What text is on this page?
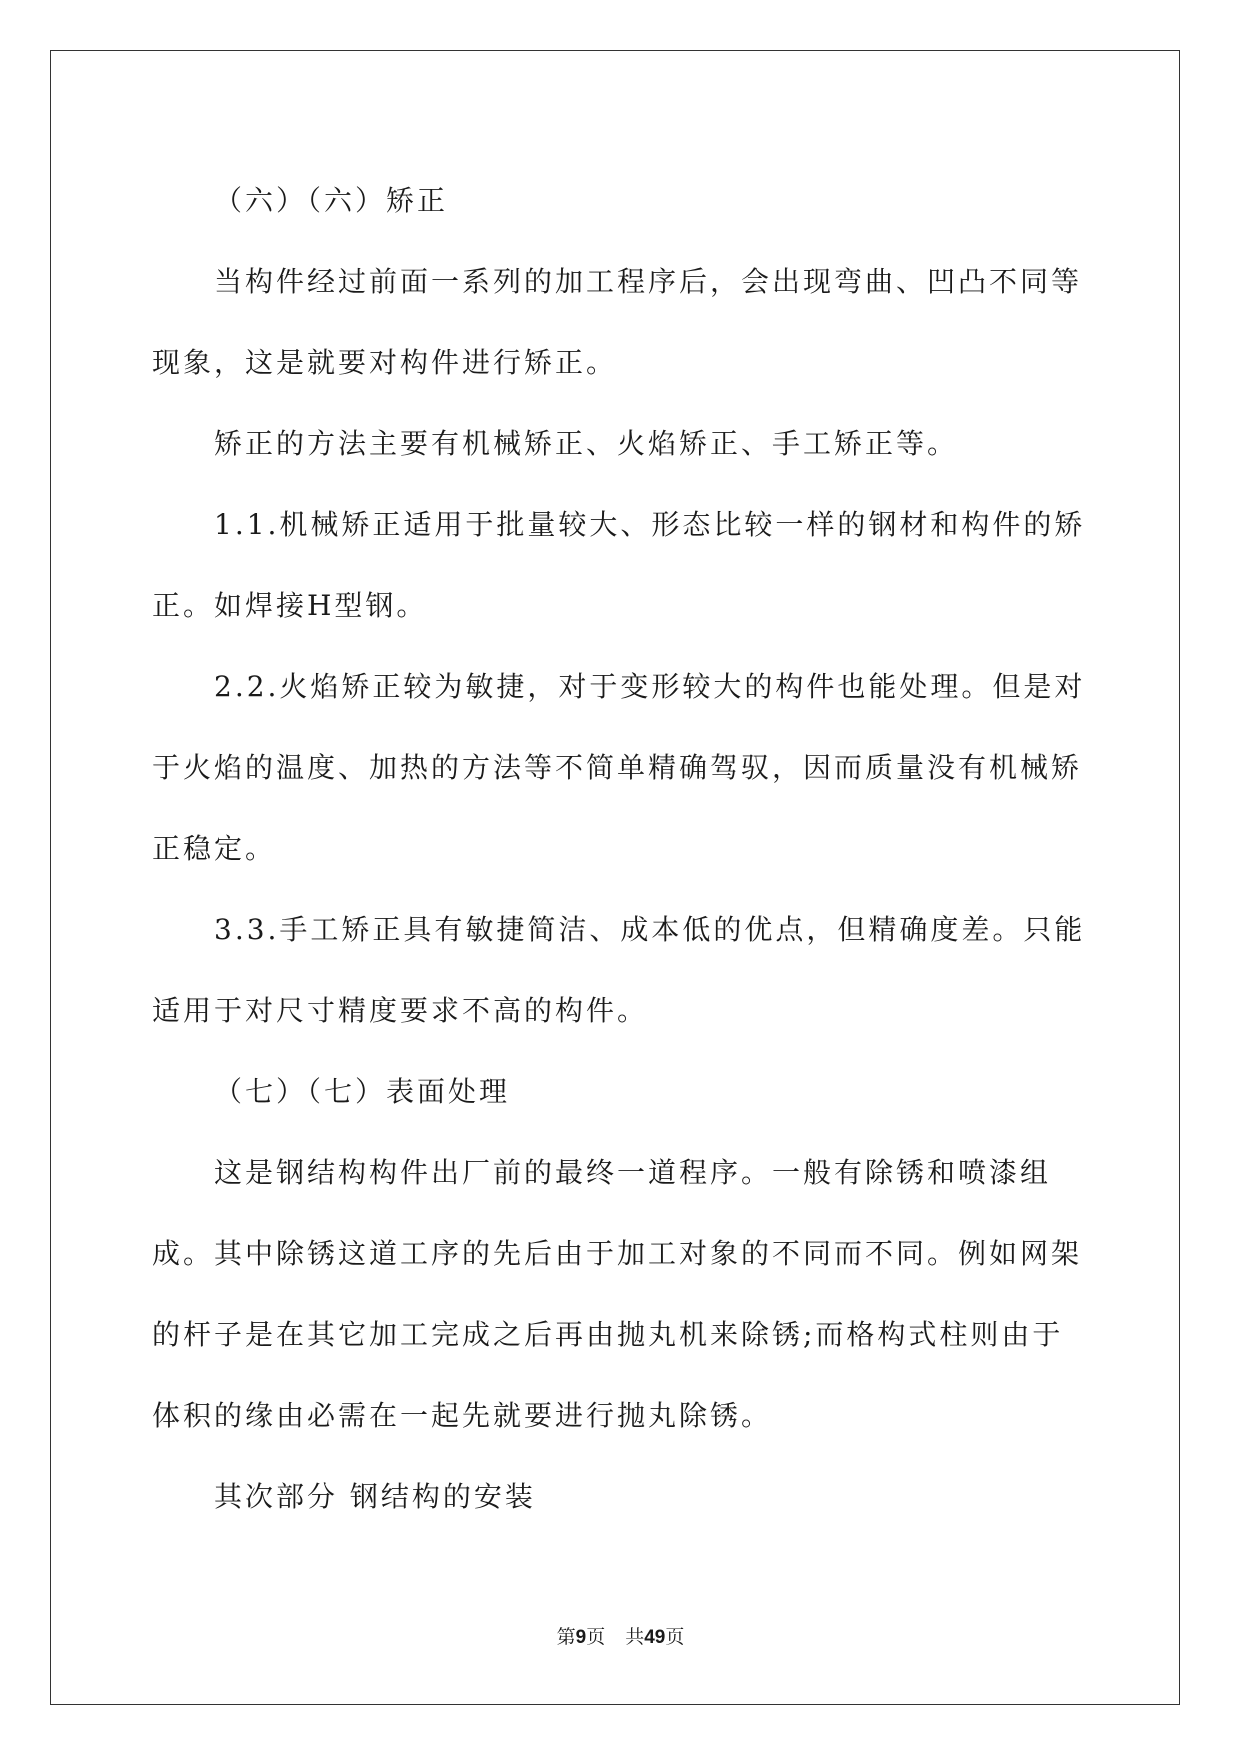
（六）（六）矫正

当构件经过前面一系列的加工程序后，会出现弯曲、凹凸不同等现象，这是就要对构件进行矫正。

矫正的方法主要有机械矫正、火焰矫正、手工矫正等。

1.1.机械矫正适用于批量较大、形态比较一样的钢材和构件的矫正。如焊接H型钢。

2.2.火焰矫正较为敏捷，对于变形较大的构件也能处理。但是对于火焰的温度、加热的方法等不简单精确驾驭，因而质量没有机械矫正稳定。

3.3.手工矫正具有敏捷简洁、成本低的优点，但精确度差。只能适用于对尺寸精度要求不高的构件。

（七）（七）表面处理

这是钢结构构件出厂前的最终一道程序。一般有除锈和喷漆组成。其中除锈这道工序的先后由于加工对象的不同而不同。例如网架的杆子是在其它加工完成之后再由抛丸机来除锈;而格构式柱则由于体积的缘由必需在一起先就要进行抛丸除锈。

其次部分 钢结构的安装

第9页 共49页
